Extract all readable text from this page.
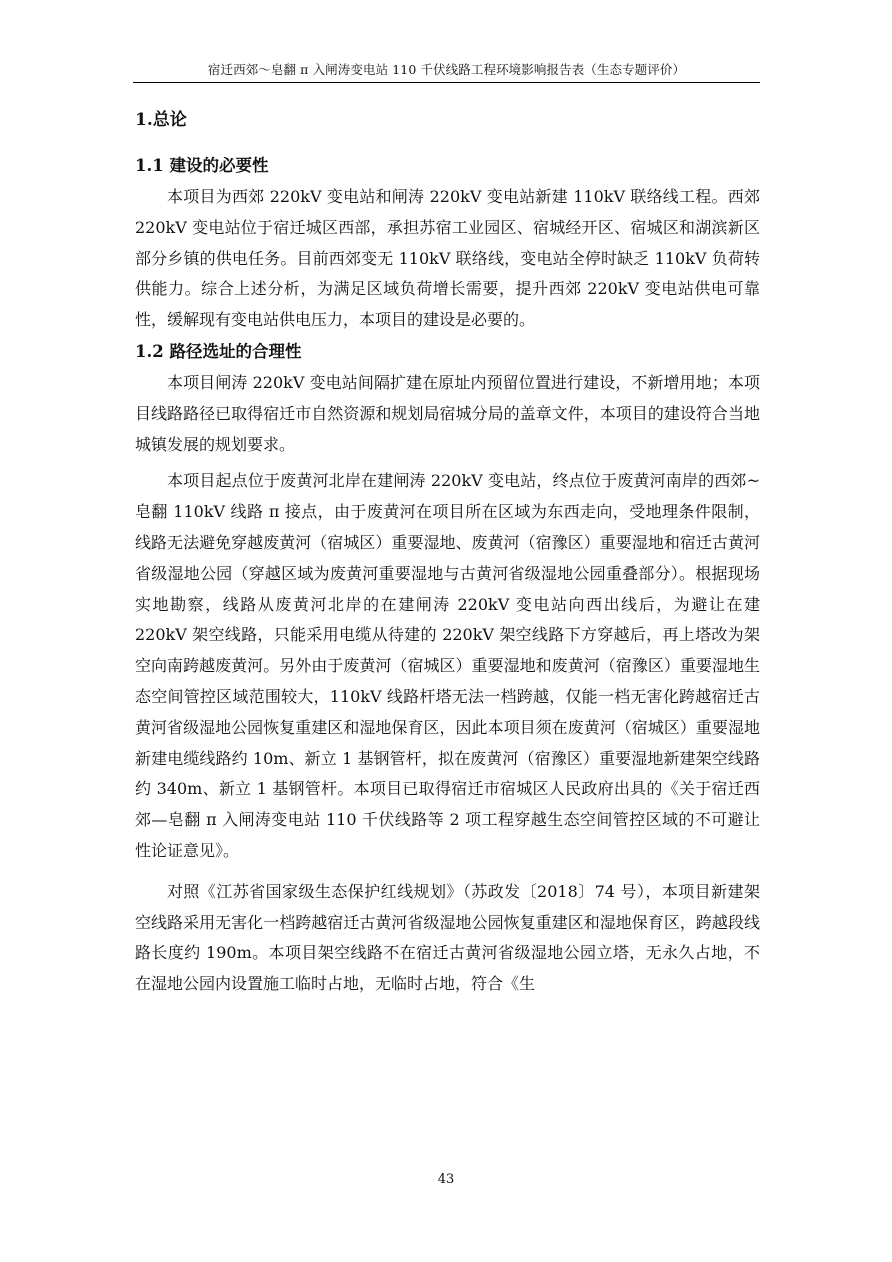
宿迁西郊～皂翻 π 入闸涛变电站 110 千伏线路工程环境影响报告表（生态专题评价）
1.总论
1.1 建设的必要性

本项目为西郊 220kV 变电站和闸涛 220kV 变电站新建 110kV 联络线工程。西郊 220kV 变电站位于宿迁城区西部，承担苏宿工业园区、宿城经开区、宿城区和湖滨新区部分乡镇的供电任务。目前西郊变无 110kV 联络线，变电站全停时缺乏 110kV 负荷转供能力。综合上述分析，为满足区域负荷增长需要，提升西郊 220kV 变电站供电可靠性，缓解现有变电站供电压力，本项目的建设是必要的。

1.2 路径选址的合理性

本项目闸涛 220kV 变电站间隔扩建在原址内预留位置进行建设，不新增用地；本项目线路路径已取得宿迁市自然资源和规划局宿城分局的盖章文件，本项目的建设符合当地城镇发展的规划要求。

本项目起点位于废黄河北岸在建闸涛 220kV 变电站，终点位于废黄河南岸的西郊~皂翻 110kV 线路 π 接点，由于废黄河在项目所在区域为东西走向，受地理条件限制，线路无法避免穿越废黄河（宿城区）重要湿地、废黄河（宿豫区）重要湿地和宿迁古黄河省级湿地公园（穿越区域为废黄河重要湿地与古黄河省级湿地公园重叠部分）。根据现场实地勘察，线路从废黄河北岸的在建闸涛 220kV 变电站向西出线后，为避让在建 220kV 架空线路，只能采用电缆从待建的 220kV 架空线路下方穿越后，再上塔改为架空向南跨越废黄河。另外由于废黄河（宿城区）重要湿地和废黄河（宿豫区）重要湿地生态空间管控区域范围较大，110kV 线路杆塔无法一档跨越，仅能一档无害化跨越宿迁古黄河省级湿地公园恢复重建区和湿地保育区，因此本项目须在废黄河（宿城区）重要湿地新建电缆线路约 10m、新立 1 基钢管杆，拟在废黄河（宿豫区）重要湿地新建架空线路约 340m、新立 1 基钢管杆。本项目已取得宿迁市宿城区人民政府出具的《关于宿迁西郊—皂翻 π 入闸涛变电站 110 千伏线路等 2 项工程穿越生态空间管控区域的不可避让性论证意见》。

对照《江苏省国家级生态保护红线规划》（苏政发〔2018〕74 号），本项目新建架空线路采用无害化一档跨越宿迁古黄河省级湿地公园恢复重建区和湿地保育区，跨越段线路长度约 190m。本项目架空线路不在宿迁古黄河省级湿地公园立塔，无永久占地，不在湿地公园内设置施工临时占地，无临时占地，符合《生

43
